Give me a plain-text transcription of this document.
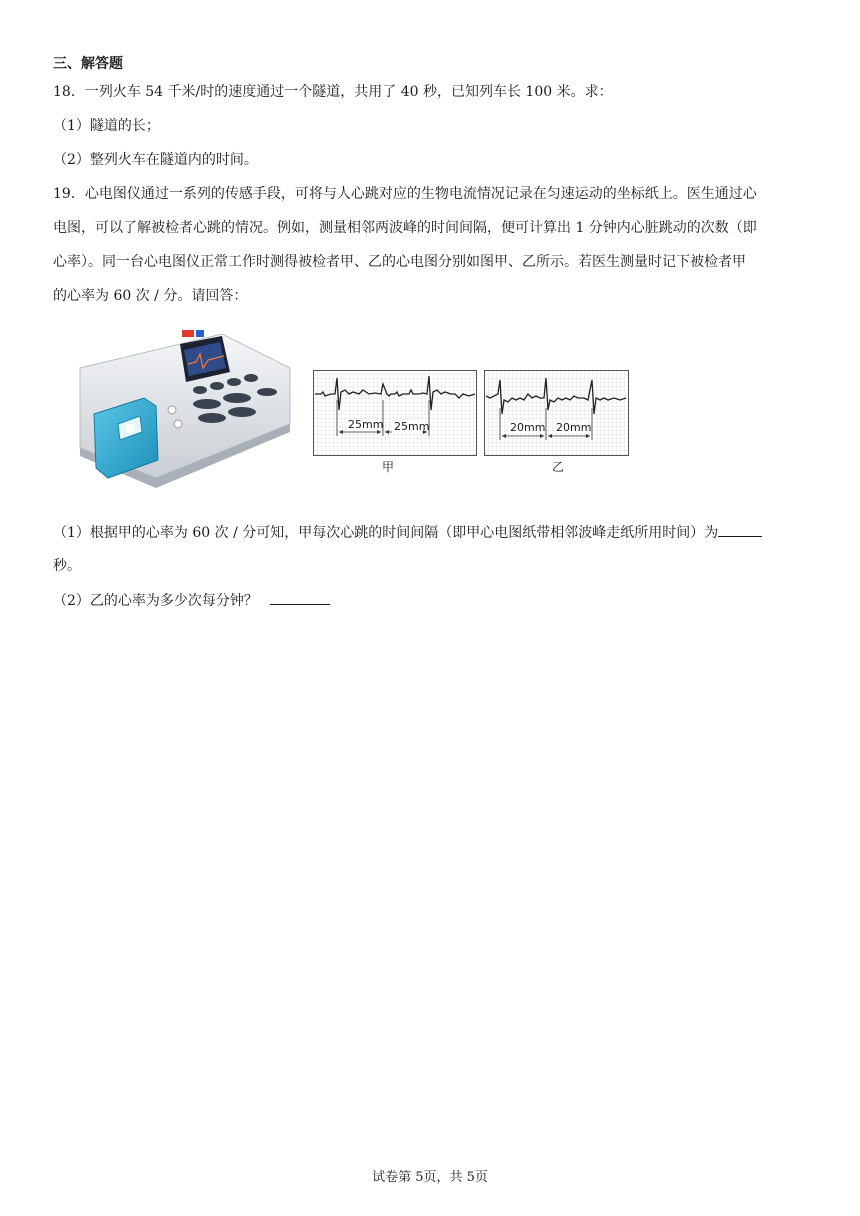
三、解答题
18．一列火车 54 千米/时的速度通过一个隧道，共用了 40 秒，已知列车长 100 米。求：
（1）隧道的长；
（2）整列火车在隧道内的时间。
19．心电图仪通过一系列的传感手段，可将与人心跳对应的生物电流情况记录在匀速运动的坐标纸上。医生通过心
电图，可以了解被检者心跳的情况。例如，测量相邻两波峰的时间间隔，便可计算出 1 分钟内心脏跳动的次数（即
心率）。同一台心电图仪正常工作时测得被检者甲、乙的心电图分别如图甲、乙所示。若医生测量时记下被检者甲
的心率为 60 次 / 分。请回答：
25mm 25mm
甲
20mm 20mm
乙
（1）根据甲的心率为 60 次 / 分可知，甲每次心跳的时间间隔（即甲心电图纸带相邻波峰走纸所用时间）为
秒。
（2）乙的心率为多少次每分钟？
试卷第 5页，共 5页
